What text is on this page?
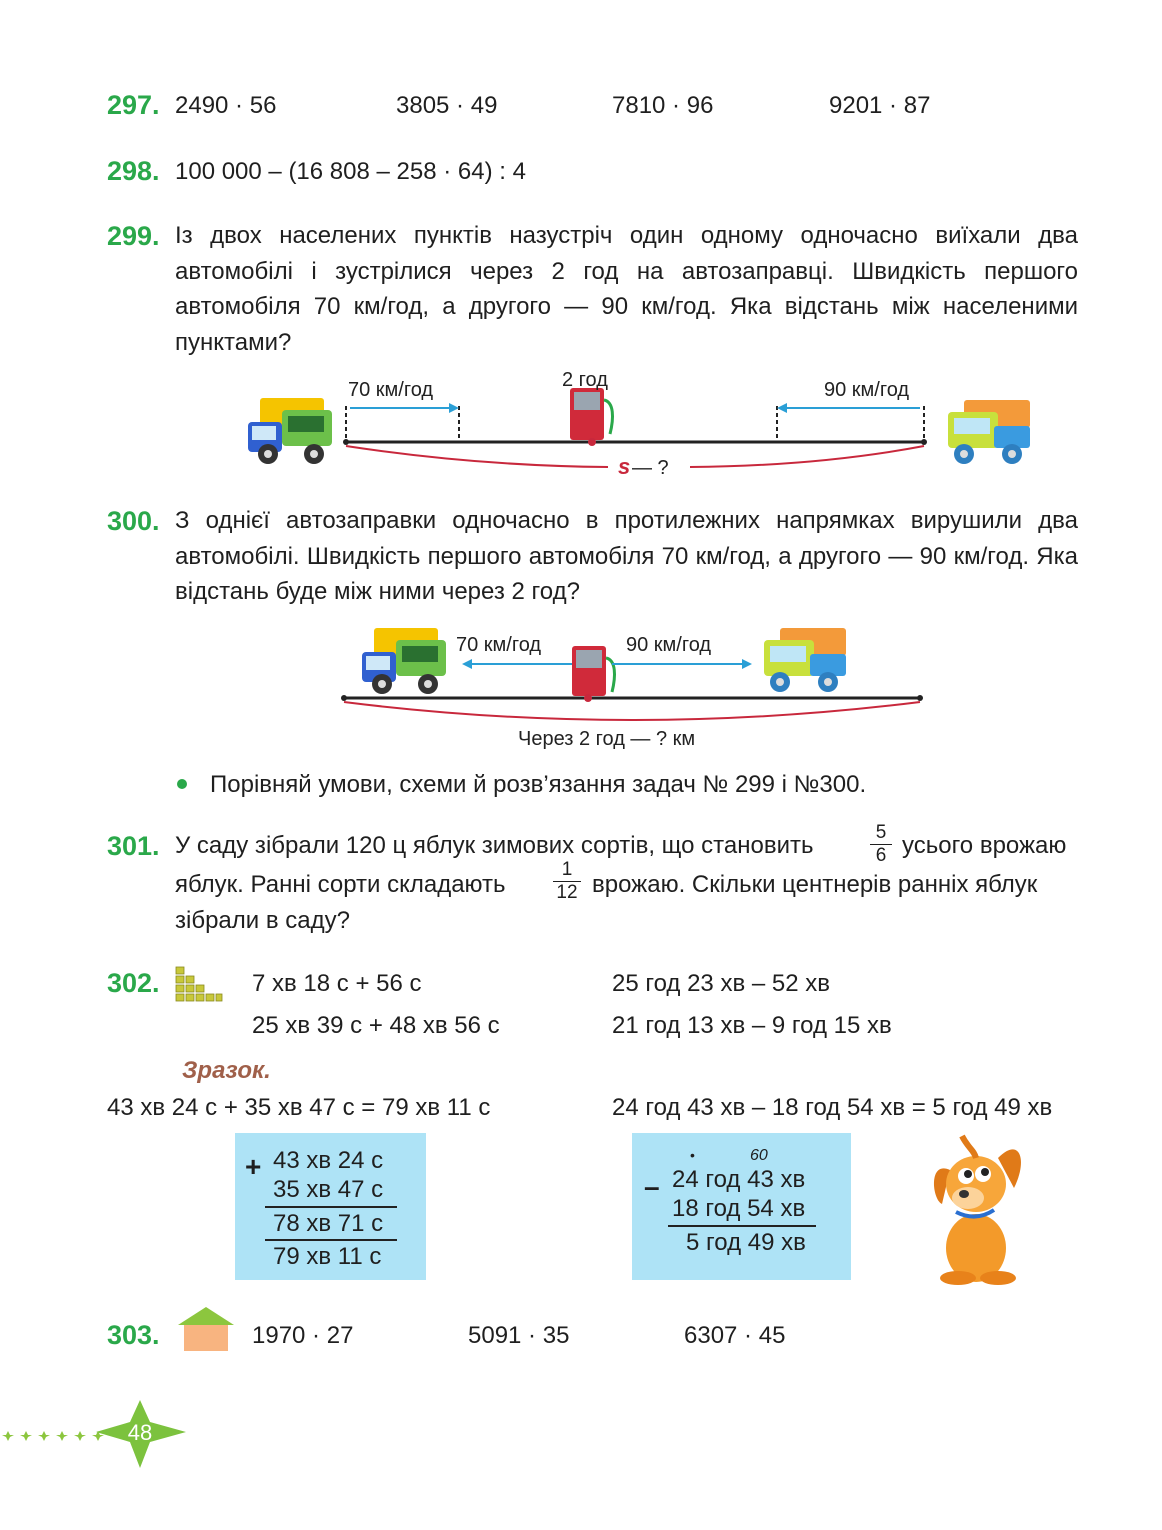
297. 2490 · 56	3805 · 49	7810 · 96	9201 · 87
298. 100 000 – (16 808 – 258 · 64) : 4
299. Із двох населених пунктів назустріч один одному одночасно виїхали два автомобілі і зустрілися через 2 год на автозаправці. Швидкість першого автомобіля 70 км/год, а другого — 90 км/год. Яка відстань між населеними пунктами?
70 км/год	2 год	90 км/год
s — ?
300. З однієї автозаправки одночасно в протилежних напрямках вирушили два автомобілі. Швидкість першого автомобіля 70 км/год, а другого — 90 км/год. Яка відстань буде між ними через 2 год?
70 км/год	90 км/год
Через 2 год — ? км
Порівняй умови, схеми й розв’язання задач № 299 і №300.
301. У саду зібрали 120 ц яблук зимових сортів, що становить	5
6 усього врожаю
яблук. Ранні сорти складають
1
12 врожаю. Скільки центнерів ранніх яблук
зібрали в саду?
302.	7 хв 18 с + 56 с	25 год 23 хв – 52 хв
25 хв 39 с + 48 хв 56 с	21 год 13 хв – 9 год 15 хв
Зразок.
43 хв 24 с + 35 хв 47 с = 79 хв 11 с	24 год 43 хв – 18 год 54 хв = 5 год 49 хв
+ 43 хв 24 с
35 хв 47 с
78 хв 71 с
79 хв 11 с
•	60
– 24 год 43 хв
18 год 54 хв
5 год 49 хв
303.	1970 · 27	5091 · 35	6307 · 45
48
